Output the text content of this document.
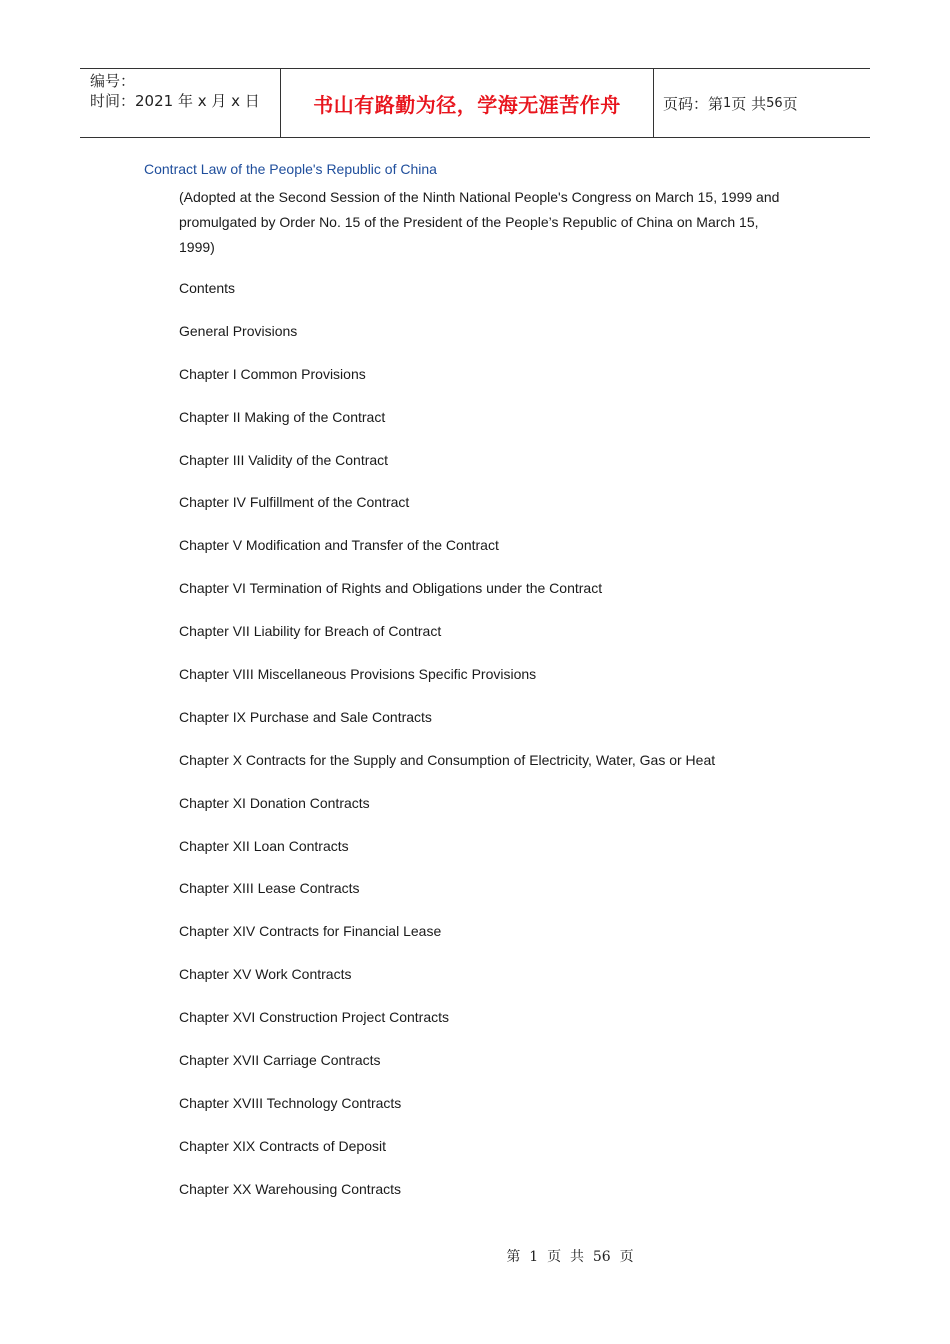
编号：
时间：2021 年 x 月 x 日	书山有路勤为径，学海无涯苦作舟	页码：第 1 页 共 56 页
Contract Law of the People's Republic of China
(Adopted at the Second Session of the Ninth National People's Congress on March 15, 1999 and
promulgated by Order No. 15 of the President of the People’s Republic of China on March 15,
1999)
Contents
General Provisions
Chapter I Common Provisions
Chapter II Making of the Contract
Chapter III Validity of the Contract
Chapter IV Fulfillment of the Contract
Chapter V Modification and Transfer of the Contract
Chapter VI Termination of Rights and Obligations under the Contract
Chapter VII Liability for Breach of Contract
Chapter VIII Miscellaneous Provisions Specific Provisions
Chapter IX Purchase and Sale Contracts
Chapter X Contracts for the Supply and Consumption of Electricity, Water, Gas or Heat
Chapter XI Donation Contracts
Chapter XII Loan Contracts
Chapter XIII Lease Contracts
Chapter XIV Contracts for Financial Lease
Chapter XV Work Contracts
Chapter XVI Construction Project Contracts
Chapter XVII Carriage Contracts
Chapter XVIII Technology Contracts
Chapter XIX Contracts of Deposit
Chapter XX Warehousing Contracts
第  1  页  共  56  页
